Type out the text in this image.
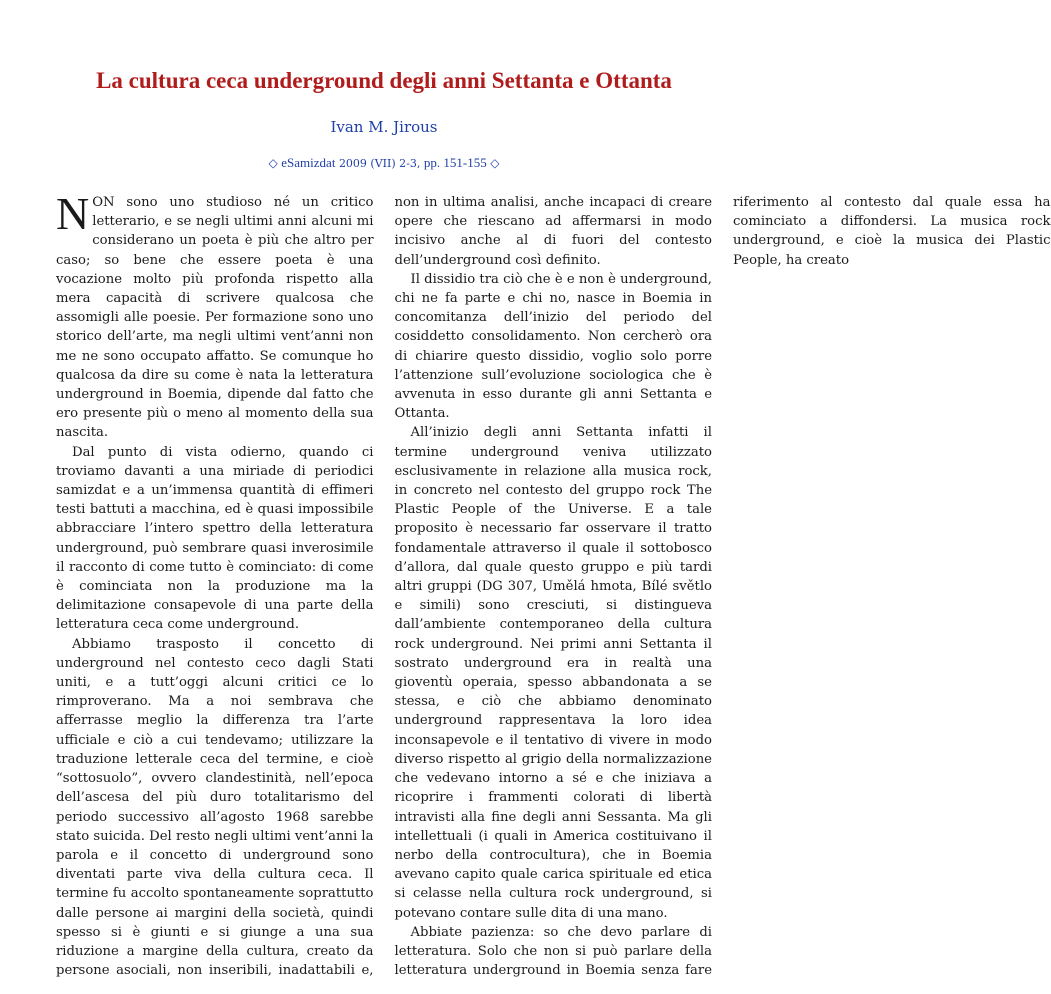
La cultura ceca underground degli anni Settanta e Ottanta
Ivan M. Jirous
◇ eSamizdat 2009 (VII) 2-3, pp. 151-155 ◇

NON sono uno studioso né un critico letterario, e se negli ultimi anni alcuni mi considerano un poeta è più che altro per caso; so bene che essere poeta è una vocazione molto più profonda rispetto alla mera capacità di scrivere qualcosa che assomigli alle poesie. Per formazione sono uno storico dell’arte, ma negli ultimi vent’anni non me ne sono occupato affatto. Se comunque ho qualcosa da dire su come è nata la letteratura underground in Boemia, dipende dal fatto che ero presente più o meno al momento della sua nascita.

Dal punto di vista odierno, quando ci troviamo davanti a una miriade di periodici samizdat e a un’immensa quantità di effimeri testi battuti a macchina, ed è quasi impossibile abbracciare l’intero spettro della letteratura underground, può sembrare quasi inverosimile il racconto di come tutto è cominciato: di come è cominciata non la produzione ma la delimitazione consapevole di una parte della letteratura ceca come underground.

Abbiamo trasposto il concetto di underground nel contesto ceco dagli Stati uniti, e a tutt’oggi alcuni critici ce lo rimproverano. Ma a noi sembrava che afferrasse meglio la differenza tra l’arte ufficiale e ciò a cui tendevamo; utilizzare la traduzione letterale ceca del termine, e cioè “sottosuolo”, ovvero clandestinità, nell’epoca dell’ascesa del più duro totalitarismo del periodo successivo all’agosto 1968 sarebbe stato suicida. Del resto negli ultimi vent’anni la parola e il concetto di underground sono diventati parte viva della cultura ceca. Il termine fu accolto spontaneamente soprattutto dalle persone ai margini della società, quindi spesso si è giunti e si giunge a una sua riduzione a margine della cultura, creato da persone asociali, non inseribili, inadattabili e, non in ultima analisi, anche incapaci di creare opere che riescano ad affermarsi in modo incisivo anche al di fuori del contesto dell’underground così definito.

Il dissidio tra ciò che è e non è underground, chi ne fa parte e chi no, nasce in Boemia in concomitanza dell’inizio del periodo del cosiddetto consolidamento. Non cercherò ora di chiarire questo dissidio, voglio solo porre l’attenzione sull’evoluzione sociologica che è avvenuta in esso durante gli anni Settanta e Ottanta.

All’inizio degli anni Settanta infatti il termine underground veniva utilizzato esclusivamente in relazione alla musica rock, in concreto nel contesto del gruppo rock The Plastic People of the Universe. E a tale proposito è necessario far osservare il tratto fondamentale attraverso il quale il sottobosco d’allora, dal quale questo gruppo e più tardi altri gruppi (DG 307, Umělá hmota, Bílé světlo e simili) sono cresciuti, si distingueva dall’ambiente contemporaneo della cultura rock underground. Nei primi anni Settanta il sostrato underground era in realtà una gioventù operaia, spesso abbandonata a se stessa, e ciò che abbiamo denominato underground rappresentava la loro idea inconsapevole e il tentativo di vivere in modo diverso rispetto al grigio della normalizzazione che vedevano intorno a sé e che iniziava a ricoprire i frammenti colorati di libertà intravisti alla fine degli anni Sessanta. Ma gli intellettuali (i quali in America costituivano il nerbo della controcultura), che in Boemia avevano capito quale carica spirituale ed etica si celasse nella cultura rock underground, si potevano contare sulle dita di una mano.

Abbiate pazienza: so che devo parlare di letteratura. Solo che non si può parlare della letteratura underground in Boemia senza fare riferimento al contesto dal quale essa ha cominciato a diffondersi. La musica rock underground, e cioè la musica dei Plastic People, ha creato
